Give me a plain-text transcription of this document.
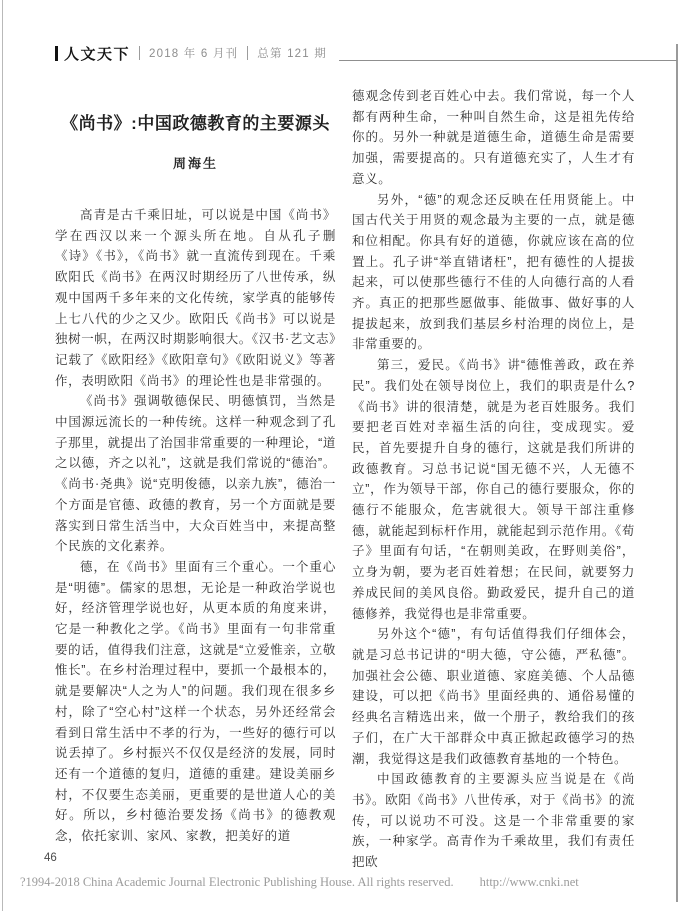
人文天下 2018 年 6 月刊 总第 121 期
《尚书》:中国政德教育的主要源头
周海生

高青是古千乘旧址，可以说是中国《尚书》学在西汉以来一个源头所在地。自从孔子删《诗》《书》，《尚书》就一直流传到现在。千乘欧阳氏《尚书》在两汉时期经历了八世传承，纵观中国两千多年来的文化传统，家学真的能够传上七八代的少之又少。欧阳氏《尚书》可以说是独树一帜，在两汉时期影响很大。《汉书·艺文志》记载了《欧阳经》《欧阳章句》《欧阳说义》等著作，表明欧阳《尚书》的理论性也是非常强的。

《尚书》强调敬德保民、明德慎罚，当然是中国源远流长的一种传统。这样一种观念到了孔子那里，就提出了治国非常重要的一种理论，“道之以德，齐之以礼”，这就是我们常说的“德治”。《尚书·尧典》说“克明俊德，以亲九族”，德治一个方面是官德、政德的教育，另一个方面就是要落实到日常生活当中，大众百姓当中，来提高整个民族的文化素养。

德，在《尚书》里面有三个重心。一个重心是“明德”。儒家的思想，无论是一种政治学说也好，经济管理学说也好，从更本质的角度来讲，它是一种教化之学。《尚书》里面有一句非常重要的话，值得我们注意，这就是“立爱惟亲，立敬惟长”。在乡村治理过程中，要抓一个最根本的，就是要解决“人之为人”的问题。我们现在很多乡村，除了“空心村”这样一个状态，另外还经常会看到日常生活中不孝的行为，一些好的德行可以说丢掉了。乡村振兴不仅仅是经济的发展，同时还有一个道德的复归，道德的重建。建设美丽乡村，不仅要生态美丽，更重要的是世道人心的美好。所以，乡村德治要发扬《尚书》的德教观念，依托家训、家风、家教，把美好的道

德观念传到老百姓心中去。我们常说，每一个人都有两种生命，一种叫自然生命，这是祖先传给你的。另外一种就是道德生命，道德生命是需要加强，需要提高的。只有道德充实了，人生才有意义。

另外，“德”的观念还反映在任用贤能上。中国古代关于用贤的观念最为主要的一点，就是德和位相配。你具有好的道德，你就应该在高的位置上。孔子讲“举直错诸枉”，把有德性的人提拔起来，可以使那些德行不佳的人向德行高的人看齐。真正的把那些愿做事、能做事、做好事的人提拔起来，放到我们基层乡村治理的岗位上，是非常重要的。

第三，爱民。《尚书》讲“德惟善政，政在养民”。我们处在领导岗位上，我们的职责是什么? 《尚书》讲的很清楚，就是为老百姓服务。我们要把老百姓对幸福生活的向往，变成现实。爱民，首先要提升自身的德行，这就是我们所讲的政德教育。习总书记说“国无德不兴，人无德不立”，作为领导干部，你自己的德行要服众，你的德行不能服众，危害就很大。领导干部注重修德，就能起到标杆作用，就能起到示范作用。《荀子》里面有句话，“在朝则美政，在野则美俗”，立身为朝，要为老百姓着想；在民间，就要努力养成民间的美风良俗。勤政爱民，提升自己的道德修养，我觉得也是非常重要。

另外这个“德”，有句话值得我们仔细体会，就是习总书记讲的“明大德，守公德，严私德”。加强社会公德、职业道德、家庭美德、个人品德建设，可以把《尚书》里面经典的、通俗易懂的经典名言精选出来，做一个册子，教给我们的孩子们，在广大干部群众中真正掀起政德学习的热潮，我觉得这是我们政德教育基地的一个特色。

中国政德教育的主要源头应当说是在《尚书》。欧阳《尚书》八世传承，对于《尚书》的流传，可以说功不可没。这是一个非常重要的家族，一种家学。高青作为千乘故里，我们有责任把欧

46
?1994-2018 China Academic Journal Electronic Publishing House. All rights reserved. http://www.cnki.net
